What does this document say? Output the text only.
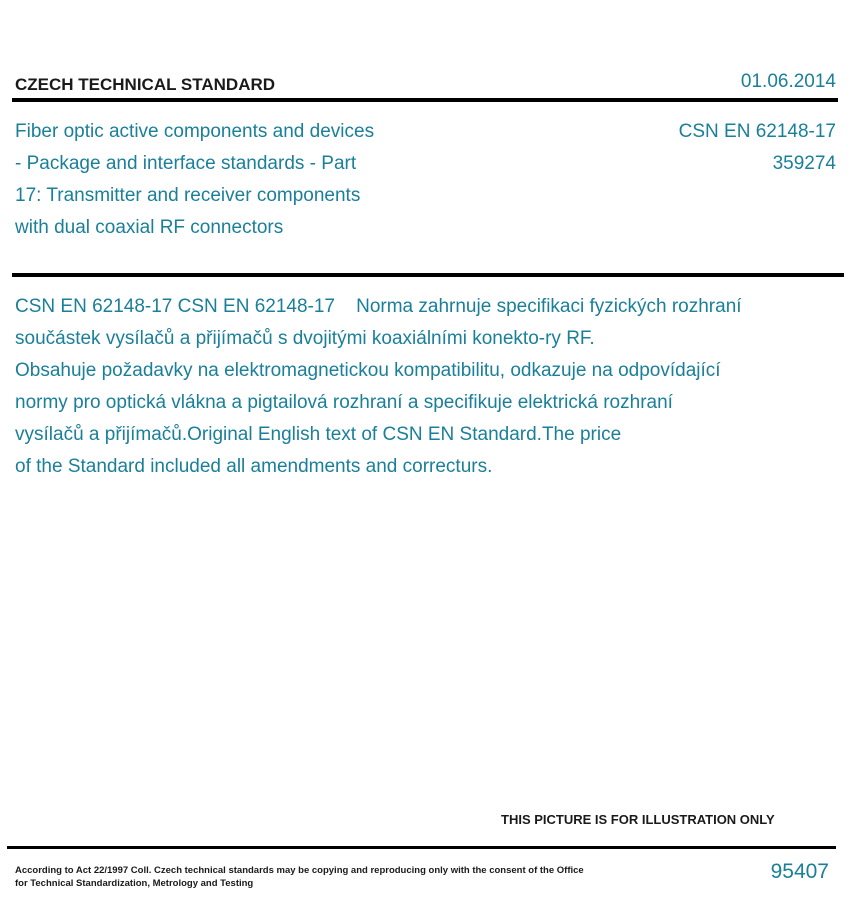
CZECH TECHNICAL STANDARD	01.06.2014
Fiber optic active components and devices
- Package and interface standards - Part
17: Transmitter and receiver components
with dual coaxial RF connectors
CSN EN 62148-17
359274
CSN EN 62148-17 CSN EN 62148-17    Norma zahrnuje specifikaci fyzických rozhraní
součástek vysílačů a přijímačů s dvojitými koaxiálními konekto-ry RF.
Obsahuje požadavky na elektromagnetickou kompatibilitu, odkazuje na odpovídající
normy pro optická vlákna a pigtailová rozhraní a specifikuje elektrická rozhraní
vysílačů a přijímačů.Original English text of CSN EN Standard.The price
of the Standard included all amendments and correcturs.
THIS PICTURE IS FOR ILLUSTRATION ONLY
According to Act 22/1997 Coll. Czech technical standards may be copying and reproducing only with the consent of the Office
for Technical Standardization, Metrology and Testing
95407
